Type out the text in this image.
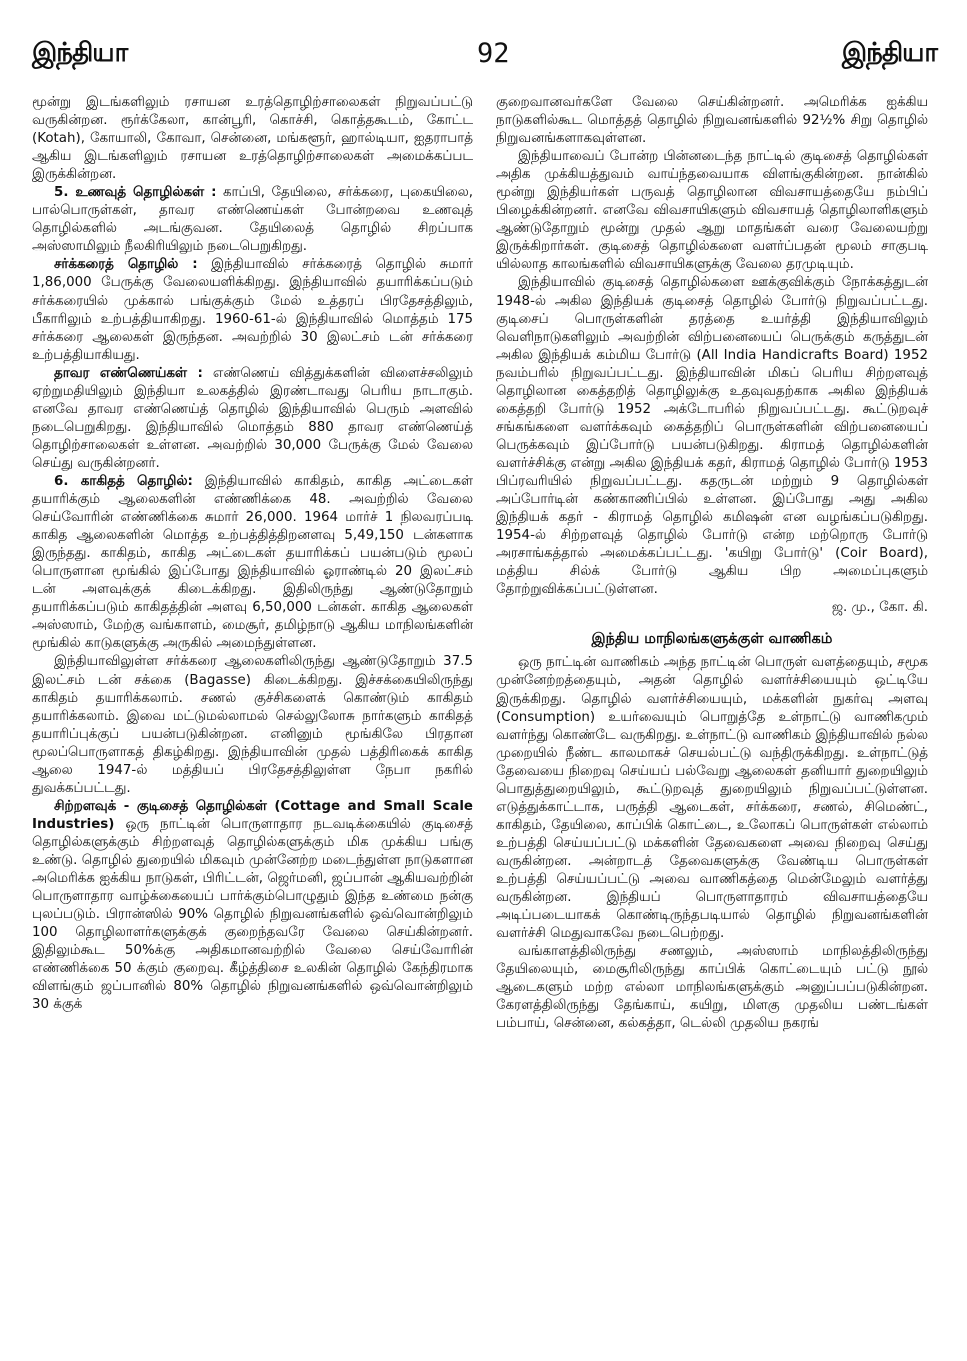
இந்தியா	92	இந்தியா

மூன்று இடங்களிலும் ரசாயன உரத்தொழிற்சாலைகள் நிறுவப்பட்டு வருகின்றன. ரூர்க்கேலா, கான்பூரி, கொச்சி, கொத்தகூடம், கோட்ட (Kotah), கோயாலி, கோவா, சென்னை, மங்களூர், ஹால்டியா, ஐதராபாத் ஆகிய இடங்களிலும் ரசாயன உரத்தொழிற்சாலைகள் அமைக்கப்பட இருக்கின்றன.

5. உணவுத் தொழில்கள் : காப்பி, தேயிலை, சர்க்கரை, புகையிலை, பால்பொருள்கள், தாவர எண்ணெய்கள் போன்றவை உணவுத் தொழில்களில் அடங்குவன. தேயிலைத் தொழில் சிறப்பாக அஸ்ஸாமிலும் நீலகிரியிலும் நடைபெறுகிறது.

சர்க்கரைத் தொழில் : இந்தியாவில் சர்க்கரைத் தொழில் சுமார் 1,86,000 பேருக்கு வேலையளிக்கிறது. இந்தியாவில் தயாரிக்கப்படும் சர்க்கரையில் முக்கால் பங்குக்கும் மேல் உத்தரப் பிரதேசத்திலும், பீகாரிலும் உற்பத்தியாகிறது. 1960-61-ல் இந்தியாவில் மொத்தம் 175 சர்க்கரை ஆலைகள் இருந்தன. அவற்றில் 30 இலட்சம் டன் சர்க்கரை உற்பத்தியாகியது.

தாவர எண்ணெய்கள் : எண்ணெய் வித்துக்களின் விளைச்சலிலும் ஏற்றுமதியிலும் இந்தியா உலகத்தில் இரண்டாவது பெரிய நாடாகும். எனவே தாவர எண்ணெய்த் தொழில் இந்தியாவில் பெரும் அளவில் நடைபெறுகிறது. இந்தியாவில் மொத்தம் 880 தாவர எண்ணெய்த் தொழிற்சாலைகள் உள்ளன. அவற்றில் 30,000 பேருக்கு மேல் வேலை செய்து வருகின்றனர்.

6. காகிதத் தொழில்: இந்தியாவில் காகிதம், காகித அட்டைகள் தயாரிக்கும் ஆலைகளின் எண்ணிக்கை 48. அவற்றில் வேலை செய்வோரின் எண்ணிக்கை சுமார் 26,000. 1964 மார்ச் 1 நிலவரப்படி காகித ஆலைகளின் மொத்த உற்பத்தித்திறனளவு 5,49,150 டன்களாக இருந்தது. காகிதம், காகித அட்டைகள் தயாரிக்கப் பயன்படும் மூலப் பொருளான மூங்கில் இப்போது இந்தியாவில் ஓராண்டில் 20 இலட்சம் டன் அளவுக்குக் கிடைக்கிறது. இதிலிருந்து ஆண்டுதோறும் தயாரிக்கப்படும் காகிதத்தின் அளவு 6,50,000 டன்கள். காகித ஆலைகள் அஸ்ஸாம், மேற்கு வங்காளம், மைசூர், தமிழ்நாடு ஆகிய மாநிலங்களின் மூங்கில் காடுகளுக்கு அருகில் அமைந்துள்ளன.

இந்தியாவிலுள்ள சர்க்கரை ஆலைகளிலிருந்து ஆண்டுதோறும் 37.5 இலட்சம் டன் சக்கை (Bagasse) கிடைக்கிறது. இச்சக்கையிலிருந்து காகிதம் தயாரிக்கலாம். சணல் குச்சிகளைக் கொண்டும் காகிதம் தயாரிக்கலாம். இவை மட்டுமல்லாமல் செல்லுலோசு நார்களும் காகிதத் தயாரிப்புக்குப் பயன்படுகின்றன. எனினும் மூங்கிலே பிரதான மூலப்பொருளாகத் திகழ்கிறது. இந்தியாவின் முதல் பத்திரிகைக் காகித ஆலை 1947-ல் மத்தியப் பிரதேசத்திலுள்ள நேபா நகரில் துவக்கப்பட்டது.

சிற்றளவுக் - குடிசைத் தொழில்கள் (Cottage and Small Scale Industries) ஒரு நாட்டின் பொருளாதார நடவடிக்கையில் குடிசைத் தொழில்களுக்கும் சிற்றளவுத் தொழில்களுக்கும் மிக முக்கிய பங்கு உண்டு. தொழில் துறையில் மிகவும் முன்னேற்ற மடைந்துள்ள நாடுகளான அமெரிக்க ஐக்கிய நாடுகள், பிரிட்டன், ஜெர்மனி, ஜப்பான் ஆகியவற்றின் பொருளாதார வாழ்க்கையைப் பார்க்கும்பொழுதும் இந்த உண்மை நன்கு புலப்படும். பிரான்ஸில் 90% தொழில் நிறுவனங்களில் ஒவ்வொன்றிலும் 100 தொழிலாளர்களுக்குக் குறைந்தவரே வேலை செய்கின்றனர். இதிலும்கூட 50%க்கு அதிகமானவற்றில் வேலை செய்வோரின் எண்ணிக்கை 50 க்கும் குறைவு. கீழ்த்திசை உலகின் தொழில் கேந்திரமாக விளங்கும் ஜப்பானில் 80% தொழில் நிறுவனங்களில் ஒவ்வொன்றிலும் 30 க்குக்

குறைவானவர்களே வேலை செய்கின்றனர். அமெரிக்க ஐக்கிய நாடுகளில்கூட மொத்தத் தொழில் நிறுவனங்களில் 92½% சிறு தொழில் நிறுவனங்களாகவுள்ளன.

இந்தியாவைப் போன்ற பின்னடைந்த நாட்டில் குடிசைத் தொழில்கள் அதிக முக்கியத்துவம் வாய்ந்தவையாக விளங்குகின்றன. நான்கில் மூன்று இந்தியர்கள் பருவத் தொழிலான விவசாயத்தையே நம்பிப் பிழைக்கின்றனர். எனவே விவசாயிகளும் விவசாயத் தொழிலாளிகளும் ஆண்டுதோறும் மூன்று முதல் ஆறு மாதங்கள் வரை வேலையற்று இருக்கிறார்கள். குடிசைத் தொழில்களை வளர்ப்பதன் மூலம் சாகுபடி யில்லாத காலங்களில் விவசாயிகளுக்கு வேலை தரமுடியும்.

இந்தியாவில் குடிசைத் தொழில்களை ஊக்குவிக்கும் நோக்கத்துடன் 1948-ல் அகில இந்தியக் குடிசைத் தொழில் போர்டு நிறுவப்பட்டது. குடிசைப் பொருள்களின் தரத்தை உயர்த்தி இந்தியாவிலும் வெளிநாடுகளிலும் அவற்றின் விற்பனையைப் பெருக்கும் கருத்துடன் அகில இந்தியக் கம்மிய போர்டு (All India Handicrafts Board) 1952 நவம்பரில் நிறுவப்பட்டது. இந்தியாவின் மிகப் பெரிய சிற்றளவுத் தொழிலான கைத்தறித் தொழிலுக்கு உதவுவதற்காக அகில இந்தியக் கைத்தறி போர்டு 1952 அக்டோபரில் நிறுவப்பட்டது. கூட்டுறவுச் சங்கங்களை வளர்க்கவும் கைத்தறிப் பொருள்களின் விற்பனையைப் பெருக்கவும் இப்போர்டு பயன்படுகிறது. கிராமத் தொழில்களின் வளர்ச்சிக்கு என்று அகில இந்தியக் கதர், கிராமத் தொழில் போர்டு 1953 பிப்ரவரியில் நிறுவப்பட்டது. கதருடன் மற்றும் 9 தொழில்கள் அப்போர்டின் கண்காணிப்பில் உள்ளன. இப்போது அது அகில இந்தியக் கதர் - கிராமத் தொழில் கமிஷன் என வழங்கப்படுகிறது. 1954-ல் சிற்றளவுத் தொழில் போர்டு என்ற மற்றொரு போர்டு அரசாங்கத்தால் அமைக்கப்பட்டது. 'கயிறு போர்டு' (Coir Board), மத்திய சில்க் போர்டு ஆகிய பிற அமைப்புகளும் தோற்றுவிக்கப்பட்டுள்ளன.

ஜ. மு., கோ. கி.

இந்திய மாநிலங்களுக்குள் வாணிகம்

ஒரு நாட்டின் வாணிகம் அந்த நாட்டின் பொருள் வளத்தையும், சமூக முன்னேற்றத்தையும், அதன் தொழில் வளர்ச்சியையும் ஒட்டியே இருக்கிறது. தொழில் வளர்ச்சியையும், மக்களின் நுகர்வு அளவு (Consumption) உயர்வையும் பொறுத்தே உள்நாட்டு வாணிகமும் வளர்ந்து கொண்டே வருகிறது. உள்நாட்டு வாணிகம் இந்தியாவில் நல்ல முறையில் நீண்ட காலமாகச் செயல்பட்டு வந்திருக்கிறது. உள்நாட்டுத் தேவையை நிறைவு செய்யப் பல்வேறு ஆலைகள் தனியார் துறையிலும் பொதுத்துறையிலும், கூட்டுறவுத் துறையிலும் நிறுவப்பட்டுள்ளன. எடுத்துக்காட்டாக, பருத்தி ஆடைகள், சர்க்கரை, சணல், சிமெண்ட், காகிதம், தேயிலை, காப்பிக் கொட்டை, உலோகப் பொருள்கள் எல்லாம் உற்பத்தி செய்யப்பட்டு மக்களின் தேவைகளை அவை நிறைவு செய்து வருகின்றன. அன்றாடத் தேவைகளுக்கு வேண்டிய பொருள்கள் உற்பத்தி செய்யப்பட்டு அவை வாணிகத்தை மென்மேலும் வளர்த்து வருகின்றன. இந்தியப் பொருளாதாரம் விவசாயத்தையே அடிப்படையாகக் கொண்டிருந்தபடியால் தொழில் நிறுவனங்களின் வளர்ச்சி மெதுவாகவே நடைபெற்றது.

வங்காளத்திலிருந்து சணலும், அஸ்ஸாம் மாநிலத்திலிருந்து தேயிலையும், மைசூரிலிருந்து காப்பிக் கொட்டையும் பட்டு நூல் ஆடைகளும் மற்ற எல்லா மாநிலங்களுக்கும் அனுப்பப்படுகின்றன. கேரளத்திலிருந்து தேங்காய், கயிறு, மிளகு முதலிய பண்டங்கள் பம்பாய், சென்னை, கல்கத்தா, டெல்லி முதலிய நகரங்
